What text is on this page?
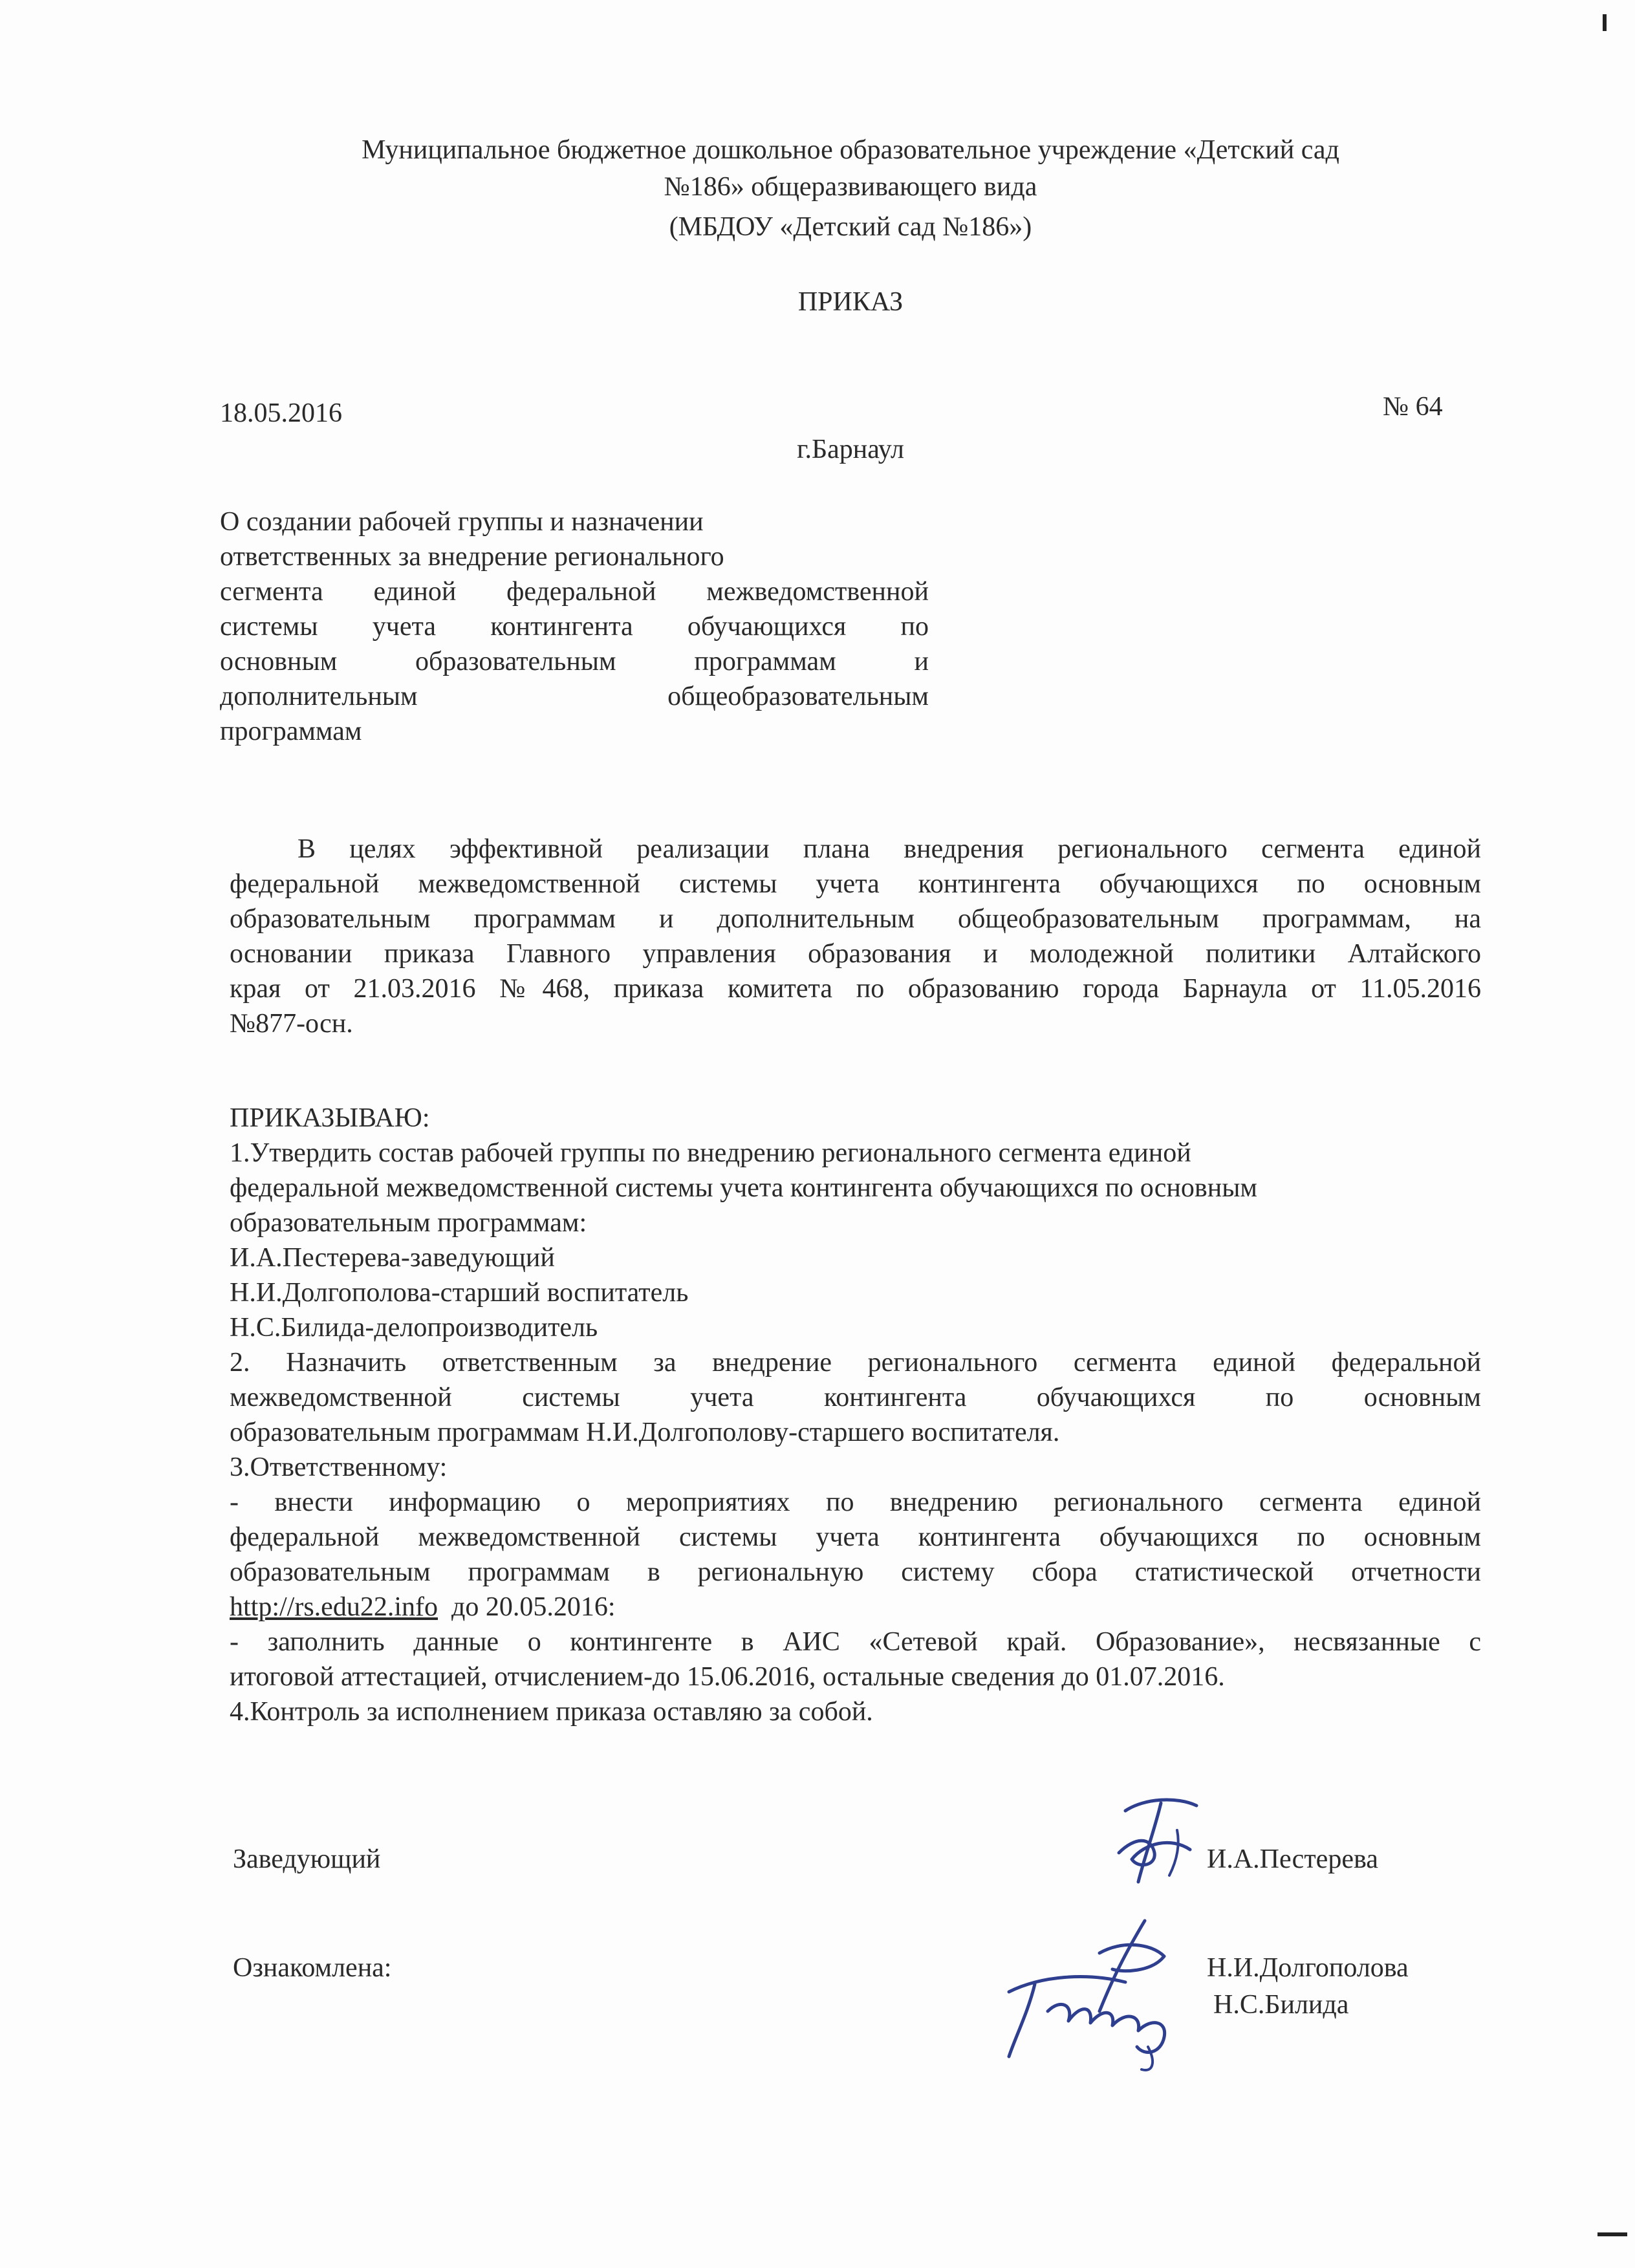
Муниципальное бюджетное дошкольное образовательное учреждение «Детский сад
№186» общеразвивающего вида
(МБДОУ «Детский сад №186»)
ПРИКАЗ
18.05.2016	№ 64
г.Барнаул
О создании рабочей группы и назначении
ответственных за внедрение регионального
сегмента единой федеральной межведомственной
системы учета контингента обучающихся по
основным образовательным программам и
дополнительным общеобразовательным
программам
В целях эффективной реализации плана внедрения регионального сегмента единой
федеральной межведомственной системы учета контингента обучающихся по основным
образовательным программам и дополнительным общеобразовательным программам, на
основании приказа Главного управления образования и молодежной политики Алтайского
края от 21.03.2016 №468, приказа комитета по образованию города Барнаула от 11.05.2016
№877-осн.
ПРИКАЗЫВАЮ:
1.Утвердить состав рабочей группы по внедрению регионального сегмента единой
федеральной межведомственной системы учета контингента обучающихся по основным
образовательным программам:
И.А.Пестерева-заведующий
Н.И.Долгополова-старший воспитатель
Н.С.Билида-делопроизводитель
2. Назначить ответственным за внедрение регионального сегмента единой федеральной
межведомственной системы учета контингента обучающихся по основным
образовательным программам Н.И.Долгополову-старшего воспитателя.
3.Ответственному:
- внести информацию о мероприятиях по внедрению регионального сегмента единой
федеральной межведомственной системы учета контингента обучающихся по основным
образовательным программам в региональную систему сбора статистической отчетности
http://rs.edu22.info  до 20.05.2016:
- заполнить данные о контингенте в АИС «Сетевой край. Образование», несвязанные с
итоговой аттестацией, отчислением-до 15.06.2016, остальные сведения до 01.07.2016.
4.Контроль за исполнением приказа оставляю за собой.
Заведующий	И.А.Пестерева
Ознакомлена:	Н.И.Долгополова
Н.С.Билида
